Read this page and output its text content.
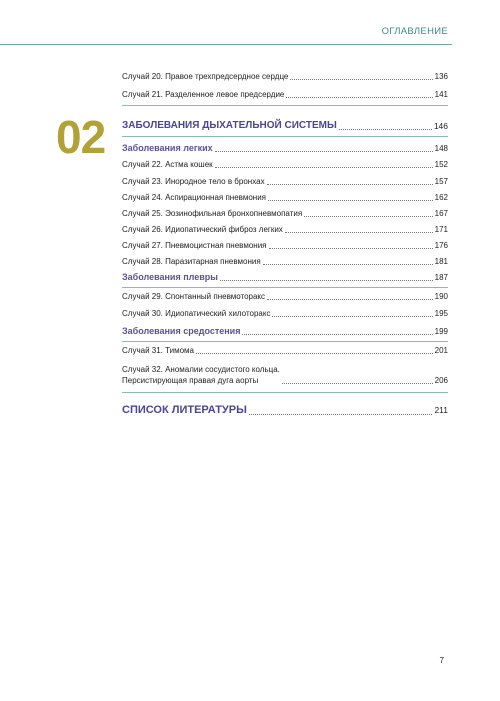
ОГЛАВЛЕНИЕ
02
Случай 20. Правое трехпредсердное сердце	136
Случай 21. Разделенное левое предсердие	141
ЗАБОЛЕВАНИЯ ДЫХАТЕЛЬНОЙ СИСТЕМЫ	146
Заболевания легких	148
Случай 22. Астма кошек	152
Случай 23. Инородное тело в бронхах	157
Случай 24. Аспирационная пневмония	162
Случай 25. Эозинофильная бронхопневмопатия	167
Случай 26. Идиопатический фиброз легких	171
Случай 27. Пневмоцистная пневмония	176
Случай 28. Паразитарная пневмония	181
Заболевания плевры	187
Случай 29. Спонтанный пневмоторакс	190
Случай 30. Идиопатический хилоторакс	195
Заболевания средостения	199
Случай 31. Тимома	201
Случай 32. Аномалии сосудистого кольца.
Персистирующая правая дуга аорты	206
СПИСОК ЛИТЕРАТУРЫ	211
7
